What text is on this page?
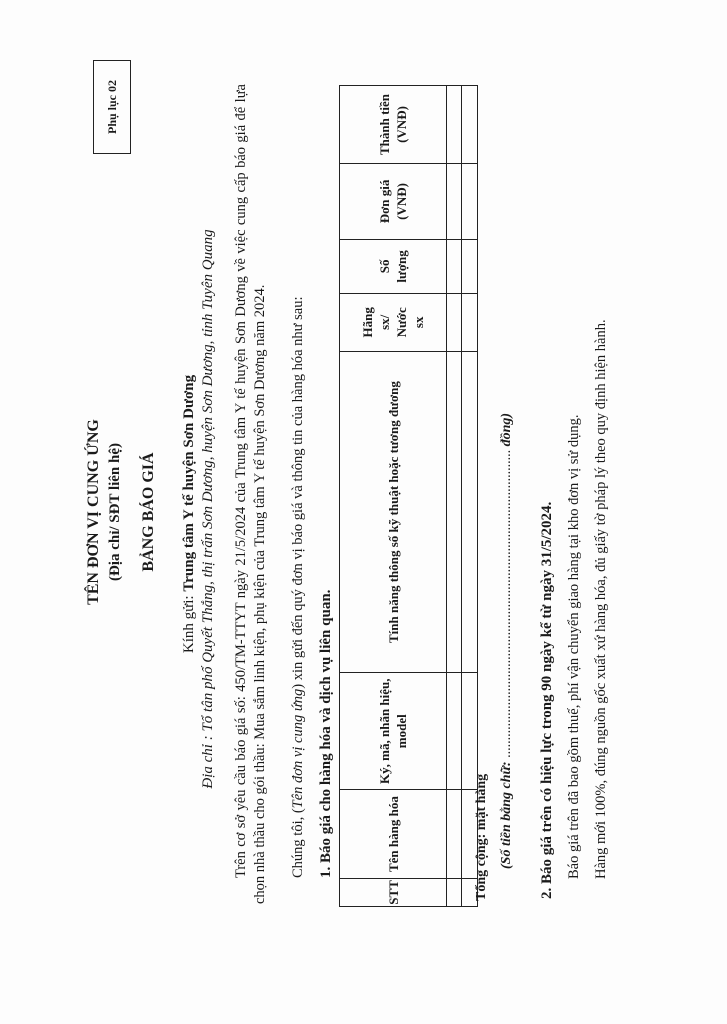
Phụ lục 02
TÊN ĐƠN VỊ CUNG ỨNG (Địa chỉ/ SĐT liên hệ) BẢNG BÁO GIÁ
Kính gửi: Trung tâm Y tế huyện Sơn Dương Địa chỉ : Tổ tân phố Quyết Thắng, thị trấn Sơn Dương, huyện Sơn Dương, tỉnh Tuyên Quang Trên cơ sở yêu cầu báo giá số: 450/TM-TTYT ngày 21/5/2024 của Trung tâm Y tế huyện Sơn Dương về việc cung cấp báo giá để lựa chọn nhà thầu cho gói thầu: Mua sắm linh kiện, phụ kiện của Trung tâm Y tế huyện Sơn Dương năm 2024. Chúng tôi, (Tên đơn vị cung ứng) xin gửi đến quý đơn vị báo giá và thông tin của hàng hóa như sau:
1. Báo giá cho hàng hóa và dịch vụ liên quan.
STT	Tên hàng hóa	Ký, mã, nhãn hiệu, model	Tính năng thông số kỹ thuật hoặc tương đương	Hãng sx/ Nước sx	Số lượng	Đơn giá (VNĐ)	Thành tiền (VNĐ)

Tổng cộng: mặt hàng (Số tiền bằng chữ: ........................................................................................ đồng)
2. Báo giá trên có hiệu lực trong 90 ngày kể từ ngày 31/5/2024. Báo giá trên đã bao gồm thuế, phí vận chuyển giao hàng tại kho đơn vị sử dụng. Hàng mới 100%, đúng nguồn gốc xuất xứ hàng hóa, đủ giấy tờ pháp lý theo quy định hiện hành.
